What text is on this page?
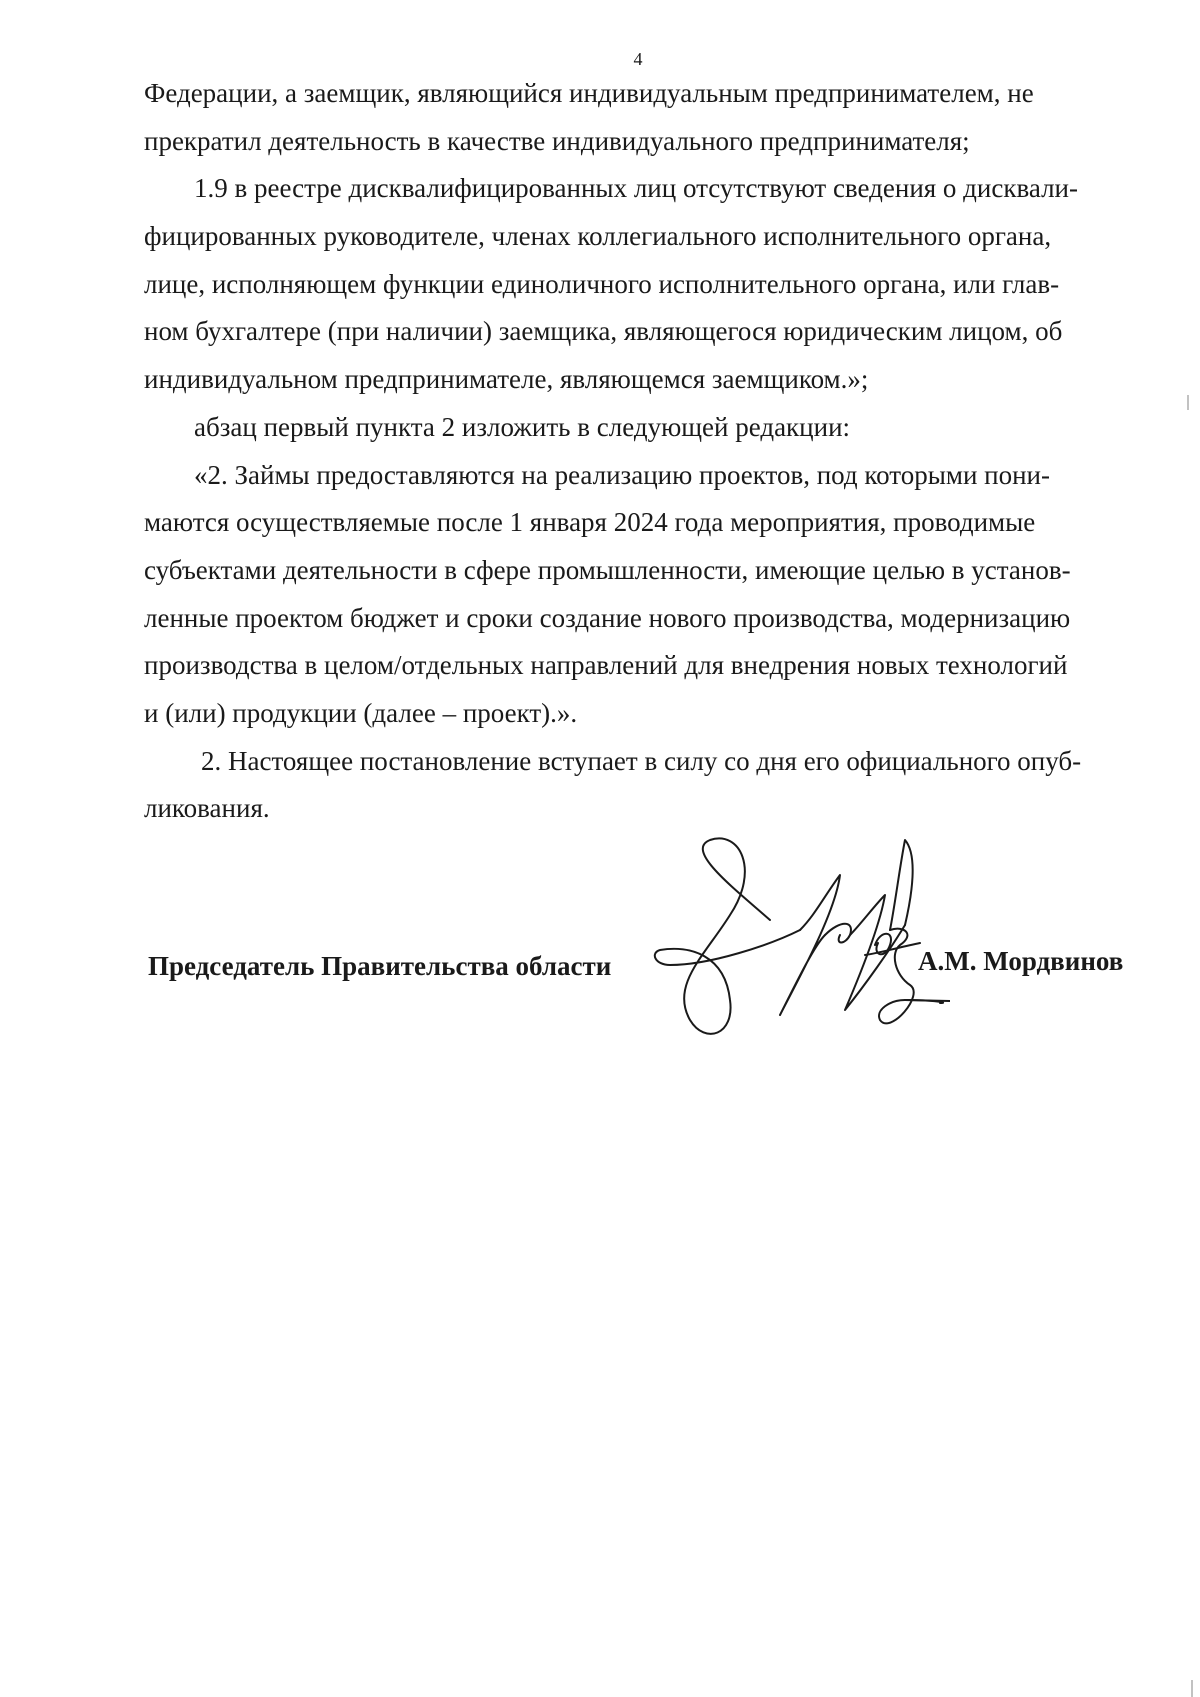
4
Федерации, а заемщик, являющийся индивидуальным предпринимателем, не
прекратил деятельность в качестве индивидуального предпринимателя;
1.9 в реестре дисквалифицированных лиц отсутствуют сведения о дисквали-
фицированных руководителе, членах коллегиального исполнительного органа,
лице, исполняющем функции единоличного исполнительного органа, или глав-
ном бухгалтере (при наличии) заемщика, являющегося юридическим лицом, об
индивидуальном предпринимателе, являющемся заемщиком.»;
абзац первый пункта 2 изложить в следующей редакции:
«2. Займы предоставляются на реализацию проектов, под которыми пони-
маются осуществляемые после 1 января 2024 года мероприятия, проводимые
субъектами деятельности в сфере промышленности, имеющие целью в установ-
ленные проектом бюджет и сроки создание нового производства, модернизацию
производства в целом/отдельных направлений для внедрения новых технологий
и (или) продукции (далее – проект).».
2. Настоящее постановление вступает в силу со дня его официального опуб-
ликования.
Председатель Правительства области	А.М. Мордвинов
